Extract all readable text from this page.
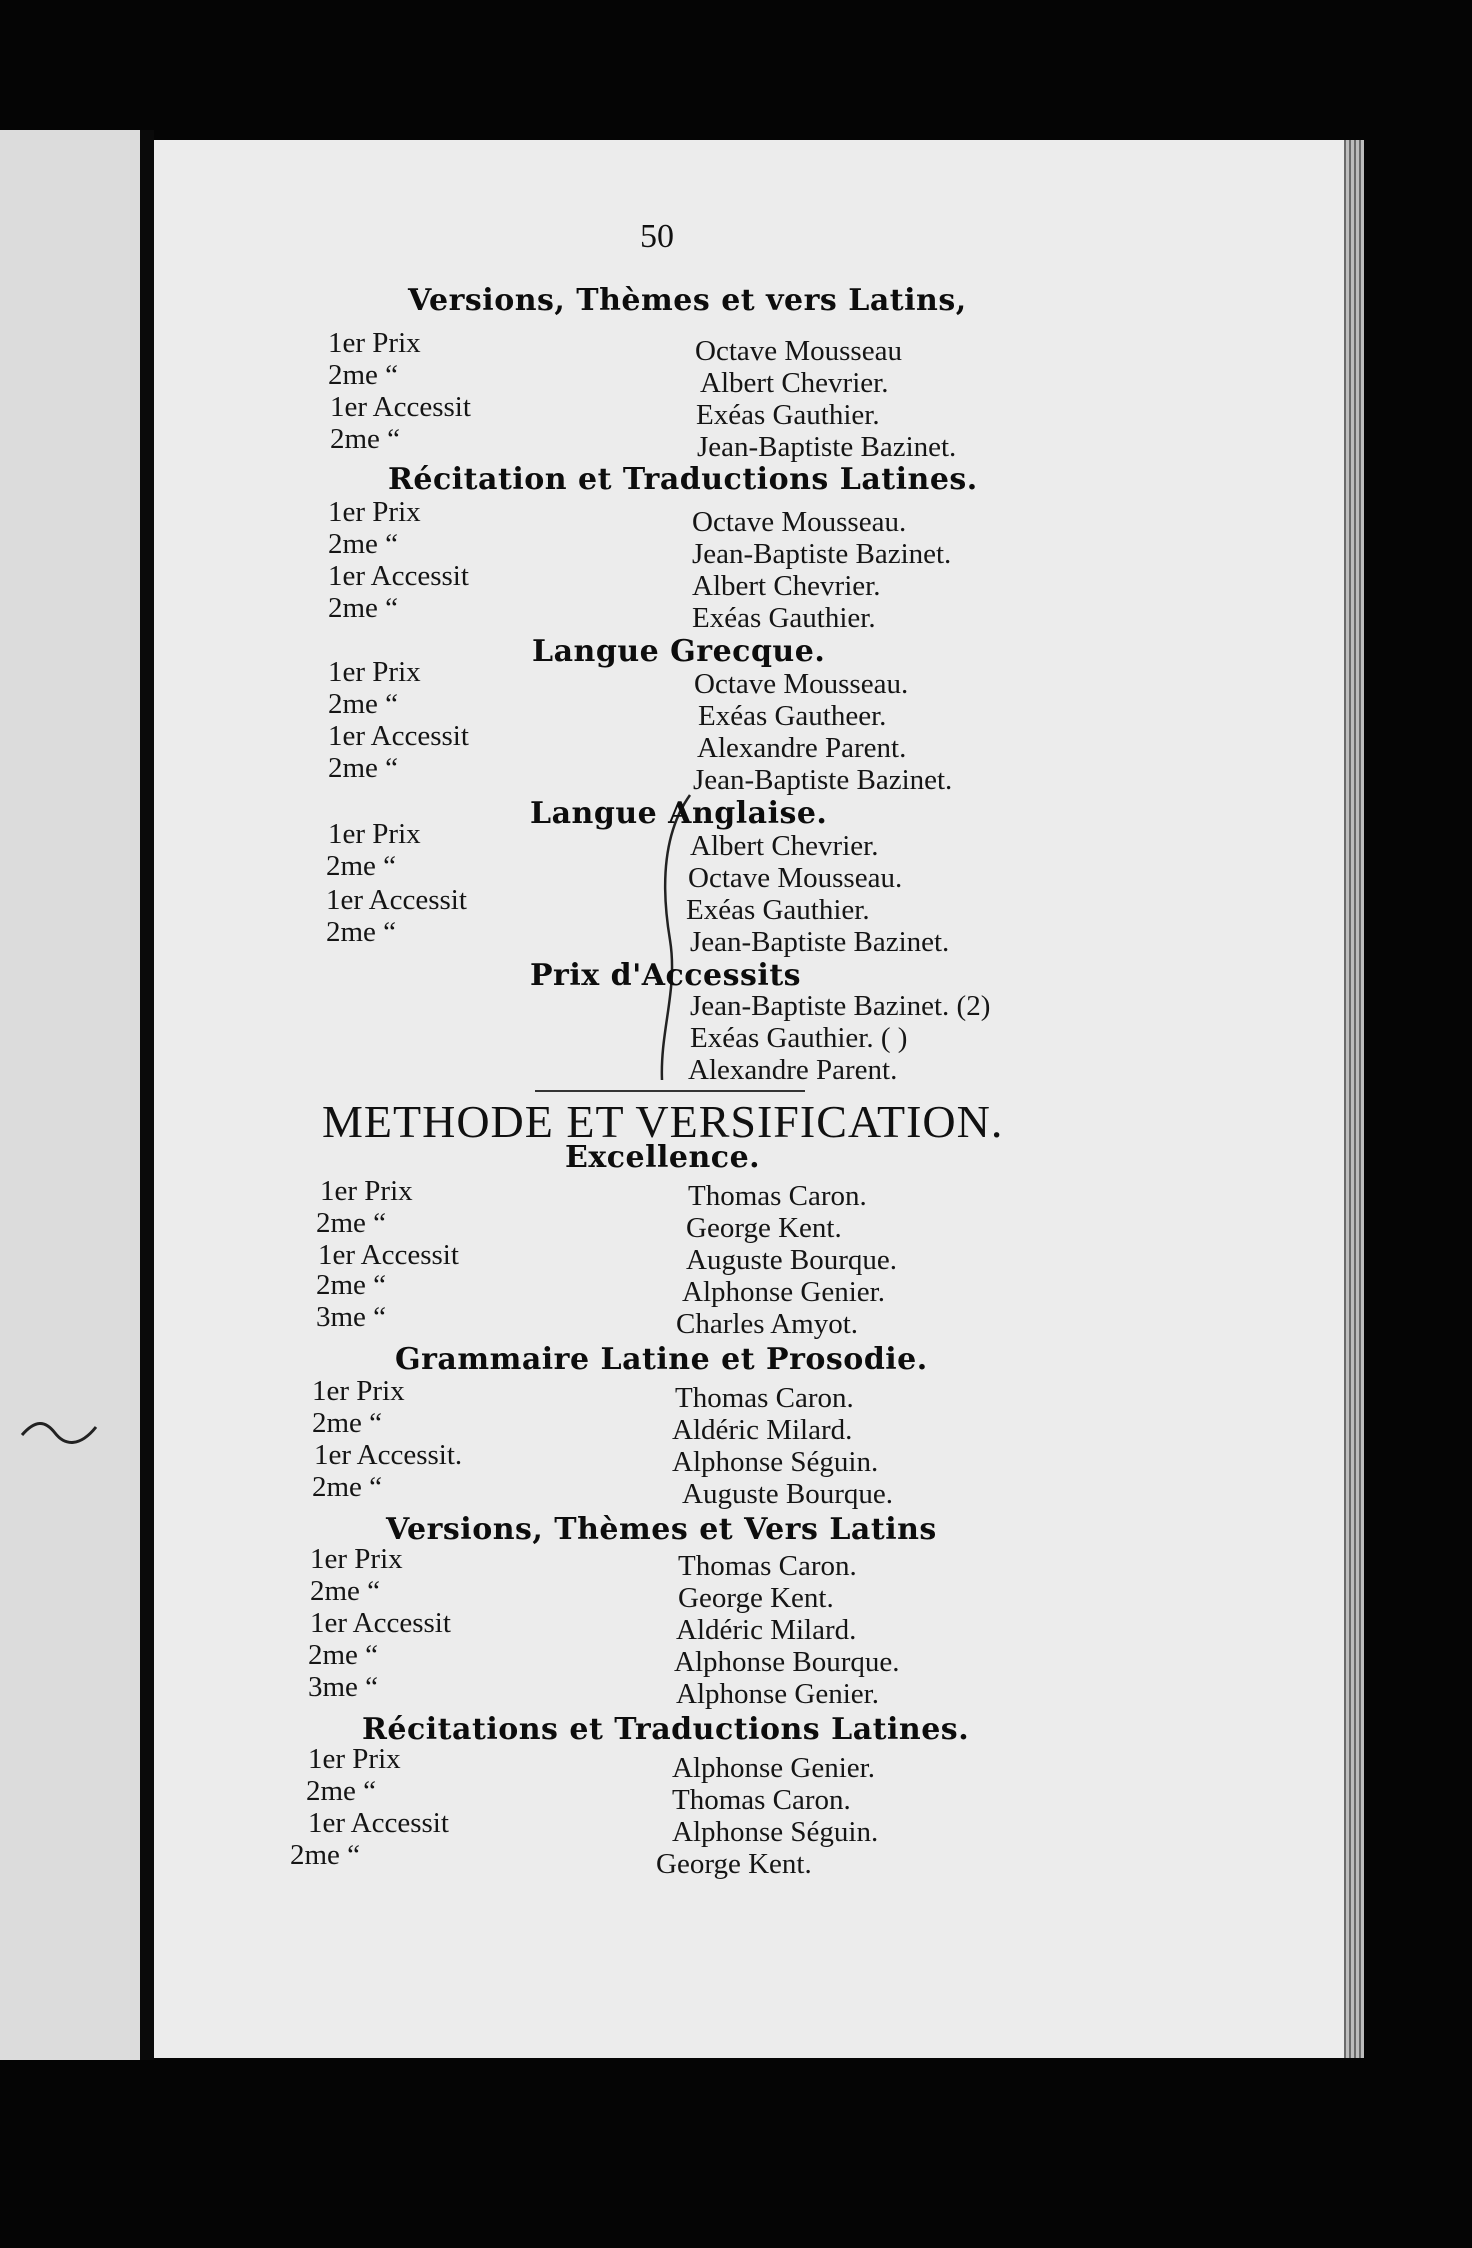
50
Versions, Thèmes et vers Latins,
1er Prix	Octave Mousseau
2me “	Albert Chevrier.
1er Accessit	Exéas Gauthier.
2me “	Jean-Baptiste Bazinet.
Récitation et Traductions Latines.
1er Prix	Octave Mousseau.
2me “	Jean-Baptiste Bazinet.
1er Accessit	Albert Chevrier.
2me “	Exéas Gauthier.
Langue Grecque.
1er Prix	Octave Mousseau.
2me “	Exéas Gautheer.
1er Accessit	Alexandre Parent.
2me “	Jean-Baptiste Bazinet.
Langue Anglaise.
1er Prix	Albert Chevrier.
2me “	Octave Mousseau.
1er Accessit	Exéas Gauthier.
2me “	Jean-Baptiste Bazinet.
Prix d'Accessits
Jean-Baptiste Bazinet. (2)
Exéas Gauthier. ( )
Alexandre Parent.
METHODE ET VERSIFICATION.
Excellence.
1er Prix	Thomas Caron.
2me “	George Kent.
1er Accessit	Auguste Bourque.
2me “	Alphonse Genier.
3me “	Charles Amyot.
Grammaire Latine et Prosodie.
1er Prix	Thomas Caron.
2me “	Aldéric Milard.
1er Accessit.	Alphonse Séguin.
2me “	Auguste Bourque.
Versions, Thèmes et Vers Latins
1er Prix	Thomas Caron.
2me “	George Kent.
1er Accessit	Aldéric Milard.
2me “	Alphonse Bourque.
3me “	Alphonse Genier.
Récitations et Traductions Latines.
1er Prix	Alphonse Genier.
2me “	Thomas Caron.
1er Accessit	Alphonse Séguin.
2me “	George Kent.
